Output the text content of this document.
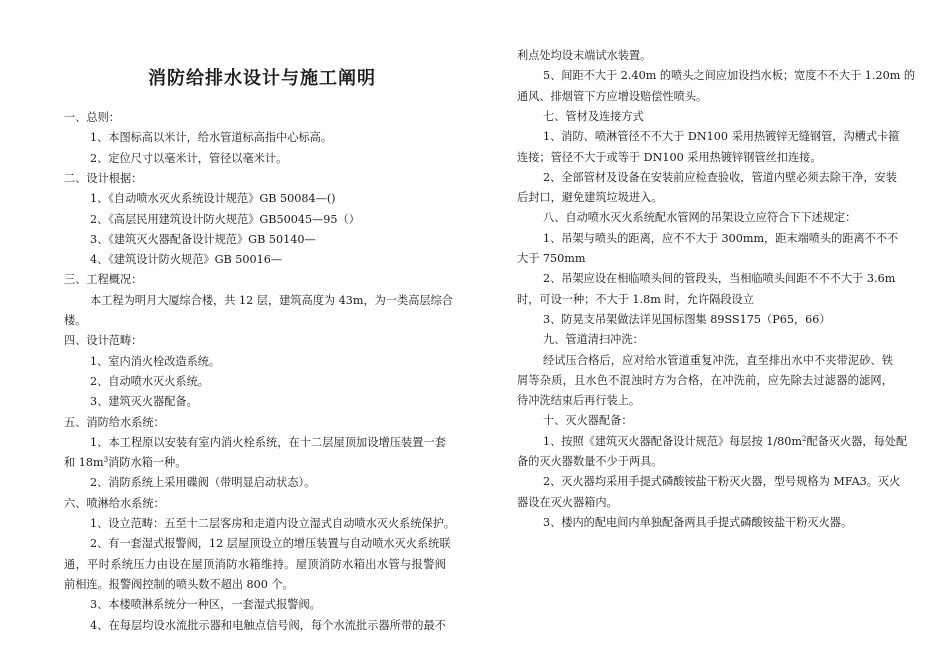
一、总则：
1、本图标高以米计，给水管道标高指中心标高。
2、定位尺寸以毫米计，管径以毫米计。
二、设计根据：
1、《自动喷水灭火系统设计规范》GB 50084—()
2、《高层民用建筑设计防火规范》GB50045—95（）
3、《建筑灭火器配备设计规范》GB 50140—
4、《建筑设计防火规范》GB 50016—
三、工程概况：
本工程为明月大厦综合楼，共 12 层，建筑高度为 43m，为一类高层综合
楼。
四、设计范畴：
1、室内消火栓改造系统。
2、自动喷水灭火系统。
3、建筑灭火器配备。
五、消防给水系统：
1、本工程原以安装有室内消火栓系统，在十二层屋顶加设增压装置一套
和 $18m^3$消防水箱一种。
2、消防系统上采用碟阀（带明显启动状态）。
六、喷淋给水系统：
1、设立范畴：五至十二层客房和走道内设立湿式自动喷水灭火系统保护。
2、有一套湿式报警阀，12 层屋顶设立的增压装置与自动喷水灭火系统联
通，平时系统压力由设在屋顶消防水箱维持。屋顶消防水箱出水管与报警阀
前相连。报警阀控制的喷头数不超出 800 个。
3、本楼喷淋系统分一种区，一套湿式报警阀。
4、在每层均设水流批示器和电触点信号阀，每个水流批示器所带的最不
利点处均设末端试水装置。
5、间距不大于 2.40m 的喷头之间应加设挡水板；宽度不不大于 1.20m 的
通风、排烟管下方应增设赔偿性喷头。
七、管材及连接方式
1、消防、喷淋管径不不大于 DN100 采用热镀锌无缝钢管，沟槽式卡箍
连接；管径不大于或等于 DN100 采用热镀锌钢管丝扣连接。
2、全部管材及设备在安装前应检查验收，管道内壁必须去除干净，安装
后封口，避免建筑垃圾进入。
八、自动喷水灭火系统配水管网的吊架设立应符合下下述规定：
1、吊架与喷头的距离，应不不大于 300mm，距末端喷头的距离不不不
大于 750mm
2、吊架应设在相临喷头间的管段头，当相临喷头间距不不不大于 3.6m
时，可设一种；不大于 1.8m 时，允许隔段设立
3、防晃支吊架做法详见国标图集 89SS175（P65，66）
九、管道清扫冲洗：
经试压合格后，应对给水管道重复冲洗，直至排出水中不夹带泥砂、铁
屑等杂质，且水色不混浊时方为合格，在冲洗前，应先除去过滤器的滤网，
待冲洗结束后再行装上。
十、灭火器配备：
1、按照《建筑灭火器配备设计规范》每层按 $1/80m^2$配备灭火器，每处配
备的灭火器数量不少于两具。
2、灭火器均采用手提式磷酸铵盐干粉灭火器，型号规格为 MFA3。灭火
器设在灭火器箱内。
3、楼内的配电间内单独配备两具手提式磷酸铵盐干粉灭火器。
消防给排水设计与施工阐明
